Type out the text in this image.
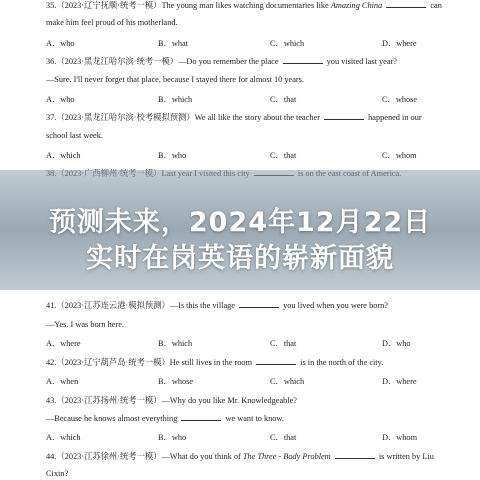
35.（2023·辽宁抚顺·统考一模）The young man likes watching documentaries like Amazing China	can
make him feel proud of his motherland.
A．who	B．what	C．which	D．where
36.（2023·黑龙江哈尔滨·统考一模）—Do you remember the place	you visited last year?
—Sure. I'll never forget that place, because I stayed there for almost 10 years.
A．who	B．which	C．that	C．whose
37.（2023·黑龙江哈尔滨·校考模拟预测）We all like the story about the teacher	happened in our
school last week.
A．which	B．who	C．that	C．whom
预测未来，2024年12月22日
实时在岗英语的崭新面貌
41.（2023·江苏连云港·模拟预测）—Is this the village	you lived when you were born?
—Yes. I was born here.
A．where	B．which	C．that	D．who
42.（2023·辽宁葫芦岛·统考一模）He still lives in the room	is in the north of the city.
A．when	B．whose	C．which	D．where
43.（2023·江苏扬州·统考一模）—Why do you like Mr. Knowledgeable?
—Because he knows almost everything	we want to know.
A．which	B．who	C．that	D．whom
44.（2023·江苏徐州·统考一模）—What do you think of The Three - Body Problem	is written by Liu
Cixin?
